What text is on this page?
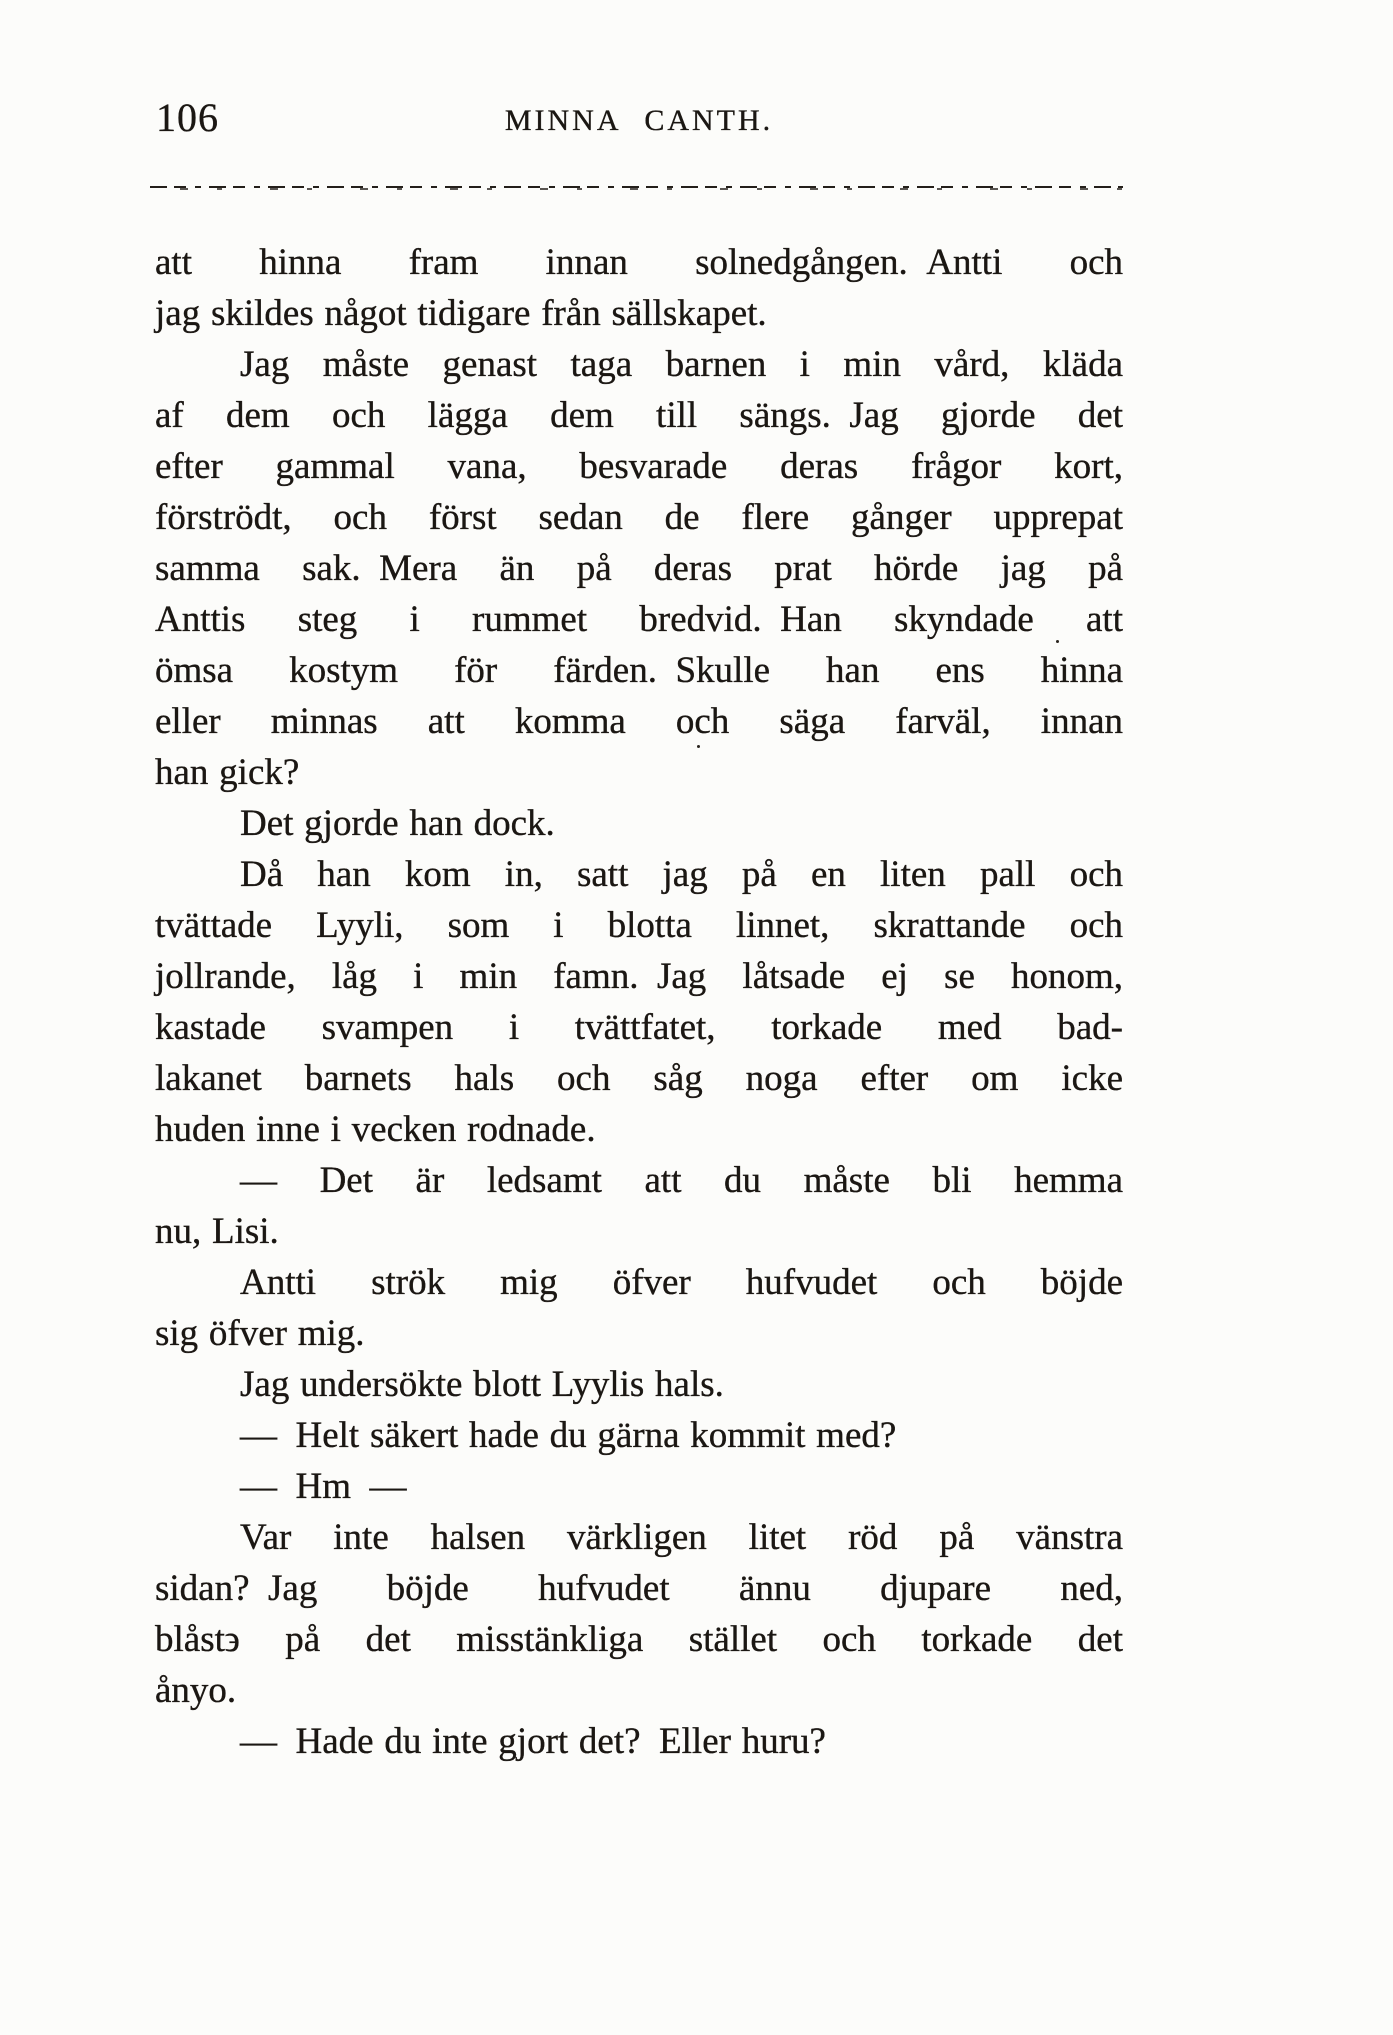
106	MINNA CANTH.
att hinna fram innan solnedgången. Antti och
jag skildes något tidigare från sällskapet.
Jag måste genast taga barnen i min vård, kläda
af dem och lägga dem till sängs. Jag gjorde det
efter gammal vana, besvarade deras frågor kort,
förströdt, och först sedan de flere gånger upprepat
samma sak. Mera än på deras prat hörde jag på
Anttis steg i rummet bredvid. Han skyndade att
ömsa kostym för färden. Skulle han ens hinna
eller minnas att komma och säga farväl, innan
han gick?
Det gjorde han dock.
Då han kom in, satt jag på en liten pall och
tvättade Lyyli, som i blotta linnet, skrattande och
jollrande, låg i min famn. Jag låtsade ej se honom,
kastade svampen i tvättfatet, torkade med bad-
lakanet barnets hals och såg noga efter om icke
huden inne i vecken rodnade.
— Det är ledsamt att du måste bli hemma
nu, Lisi.
Antti strök mig öfver hufvudet och böjde
sig öfver mig.
Jag undersökte blott Lyylis hals.
— Helt säkert hade du gärna kommit med?
— Hm —
Var inte halsen värkligen litet röd på vänstra
sidan? Jag böjde hufvudet ännu djupare ned,
blåst϶ på det misstänkliga stället och torkade det
ånyo.
— Hade du inte gjort det? Eller huru?
